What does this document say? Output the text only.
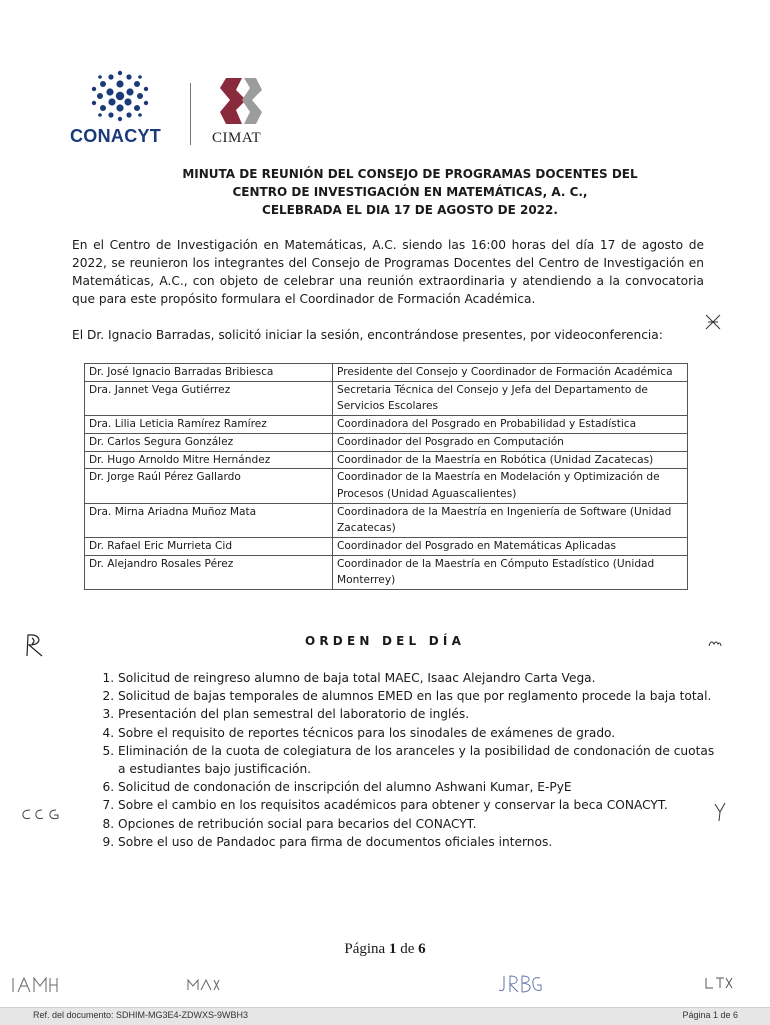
CONACYT	CIMAT
MINUTA DE REUNIÓN DEL CONSEJO DE PROGRAMAS DOCENTES DEL
CENTRO DE INVESTIGACIÓN EN MATEMÁTICAS, A. C.,
CELEBRADA EL DIA 17 DE AGOSTO DE 2022.
En el Centro de Investigación en Matemáticas, A.C. siendo las 16:00 horas del día 17 de agosto de 2022, se reunieron los integrantes del Consejo de Programas Docentes del Centro de Investigación en Matemáticas, A.C., con objeto de celebrar una reunión extraordinaria y atendiendo a la convocatoria que para este propósito formulara el Coordinador de Formación Académica.
El Dr. Ignacio Barradas, solicitó iniciar la sesión, encontrándose presentes, por videoconferencia:
Dr. José Ignacio Barradas Bribiesca	Presidente del Consejo y Coordinador de Formación Académica
Dra. Jannet Vega Gutiérrez	Secretaria Técnica del Consejo y Jefa del Departamento de Servicios Escolares
Dra. Lilia Leticia Ramírez Ramírez	Coordinadora del Posgrado en Probabilidad y Estadística
Dr. Carlos Segura González	Coordinador del Posgrado en Computación
Dr. Hugo Arnoldo Mitre Hernández	Coordinador de la Maestría en Robótica (Unidad Zacatecas)
Dr. Jorge Raúl Pérez Gallardo	Coordinador de la Maestría en Modelación y Optimización de Procesos (Unidad Aguascalientes)
Dra. Mirna Ariadna Muñoz Mata	Coordinadora de la Maestría en Ingeniería de Software (Unidad Zacatecas)
Dr. Rafael Eric Murrieta Cid	Coordinador del Posgrado en Matemáticas Aplicadas
Dr. Alejandro Rosales Pérez	Coordinador de la Maestría en Cómputo Estadístico (Unidad Monterrey)
ORDEN DEL DÍA
1. Solicitud de reingreso alumno de baja total MAEC, Isaac Alejandro Carta Vega.
2. Solicitud de bajas temporales de alumnos EMED en las que por reglamento procede la baja total.
3. Presentación del plan semestral del laboratorio de inglés.
4. Sobre el requisito de reportes técnicos para los sinodales de exámenes de grado.
5. Eliminación de la cuota de colegiatura de los aranceles y la posibilidad de condonación de cuotas a estudiantes bajo justificación.
6. Solicitud de condonación de inscripción del alumno Ashwani Kumar, E-PyE
7. Sobre el cambio en los requisitos académicos para obtener y conservar la beca CONACYT.
8. Opciones de retribución social para becarios del CONACYT.
9. Sobre el uso de Pandadoc para firma de documentos oficiales internos.
Página 1 de 6
Ref. del documento: SDHIM-MG3E4-ZDWXS-9WBH3	Página 1 de 6
